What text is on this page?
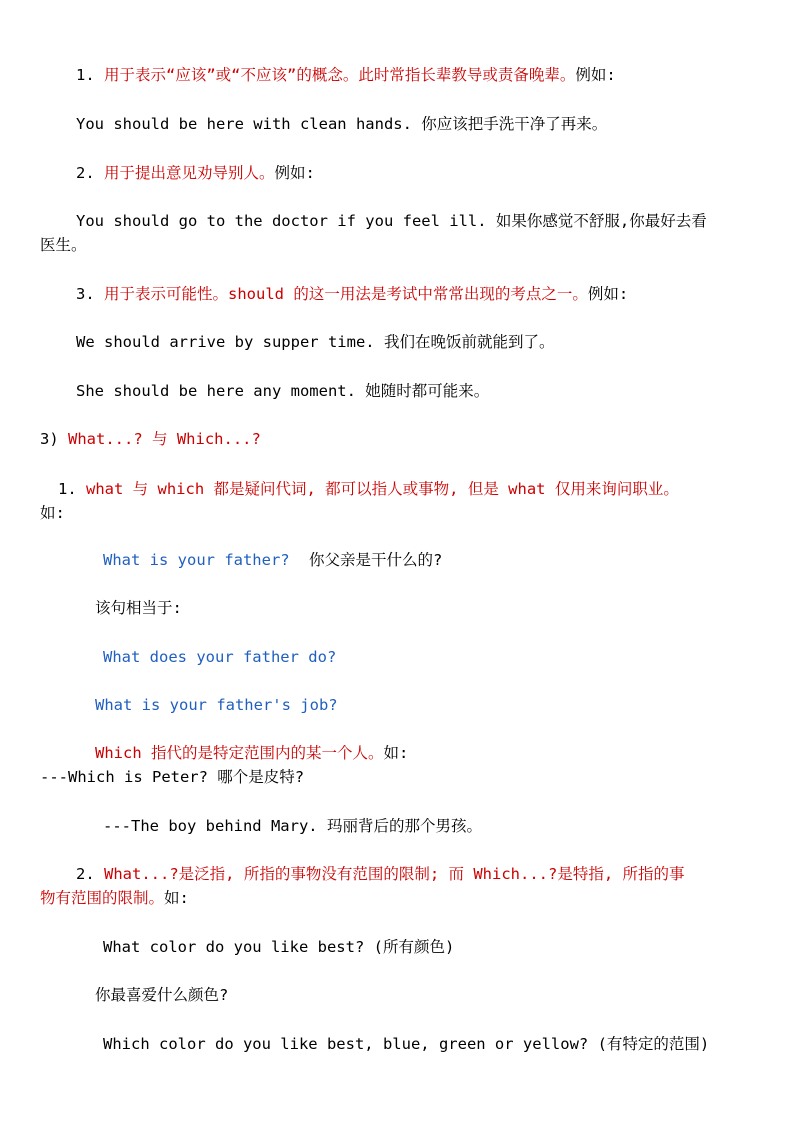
1. 用于表示“应该”或“不应该”的概念。此时常指长辈教导或责备晚辈。例如:
You should be here with clean hands. 你应该把手洗干净了再来。
2. 用于提出意见劝导别人。例如:
You should go to the doctor if you feel ill. 如果你感觉不舒服,你最好去看
医生。
3. 用于表示可能性。should 的这一用法是考试中常常出现的考点之一。例如:
We should arrive by supper time. 我们在晚饭前就能到了。
She should be here any moment. 她随时都可能来。
3) What...? 与 Which...?
1. what 与 which 都是疑问代词, 都可以指人或事物, 但是 what 仅用来询问职业。
如:
What is your father? 你父亲是干什么的?
该句相当于:
What does your father do?
What is your father's job?
Which 指代的是特定范围内的某一个人。如:
---Which is Peter? 哪个是皮特?
---The boy behind Mary. 玛丽背后的那个男孩。
2. What...?是泛指, 所指的事物没有范围的限制; 而 Which...?是特指, 所指的事
物有范围的限制。如:
What color do you like best? (所有颜色)
你最喜爱什么颜色?
Which color do you like best, blue, green or yellow? (有特定的范围)
